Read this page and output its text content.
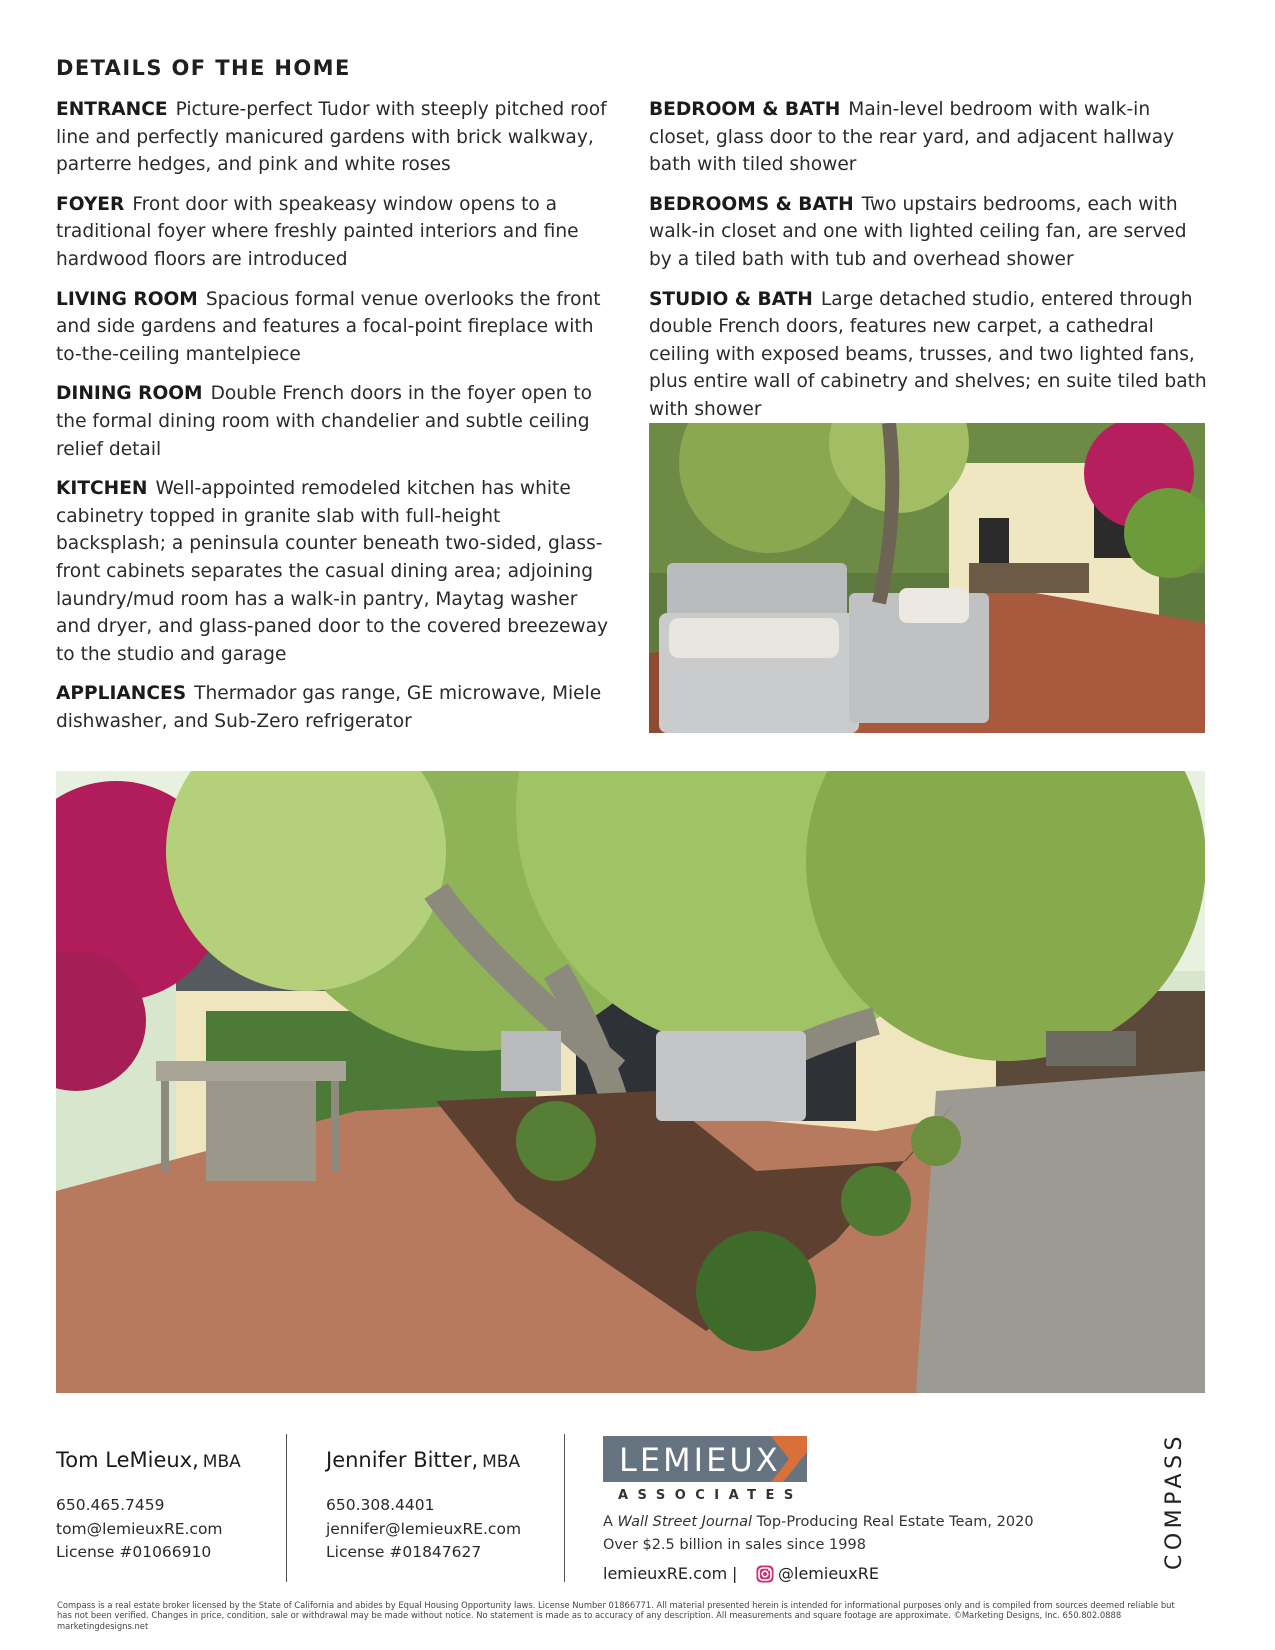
DETAILS OF THE HOME

ENTRANCE Picture-perfect Tudor with steeply pitched roof line and perfectly manicured gardens with brick walkway, parterre hedges, and pink and white roses

FOYER Front door with speakeasy window opens to a traditional foyer where freshly painted interiors and fine hardwood floors are introduced

LIVING ROOM Spacious formal venue overlooks the front and side gardens and features a focal-point fireplace with to-the-ceiling mantelpiece

DINING ROOM Double French doors in the foyer open to the formal dining room with chandelier and subtle ceiling relief detail

KITCHEN Well-appointed remodeled kitchen has white cabinetry topped in granite slab with full-height backsplash; a peninsula counter beneath two-sided, glass-front cabinets separates the casual dining area; adjoining laundry/mud room has a walk-in pantry, Maytag washer and dryer, and glass-paned door to the covered breezeway to the studio and garage

APPLIANCES Thermador gas range, GE microwave, Miele dishwasher, and Sub-Zero refrigerator

BEDROOM & BATH Main-level bedroom with walk-in closet, glass door to the rear yard, and adjacent hallway bath with tiled shower

BEDROOMS & BATH Two upstairs bedrooms, each with walk-in closet and one with lighted ceiling fan, are served by a tiled bath with tub and overhead shower

STUDIO & BATH Large detached studio, entered through double French doors, features new carpet, a cathedral ceiling with exposed beams, trusses, and two lighted fans, plus entire wall of cabinetry and shelves; en suite tiled bath with shower

Tom LeMieux, MBA
650.465.7459
tom@lemieuxRE.com
License #01066910
Jennifer Bitter, MBA
650.308.4401
jennifer@lemieuxRE.com
License #01847627
LEMIEUX
ASSOCIATES
A Wall Street Journal Top-Producing Real Estate Team, 2020
Over $2.5 billion in sales since 1998
lemieuxRE.com |	@lemieuxRE
COMPASS
Compass is a real estate broker licensed by the State of California and abides by Equal Housing Opportunity laws. License Number 01866771. All material presented herein is intended for informational purposes only and is compiled from sources deemed reliable but has not been verified. Changes in price, condition, sale or withdrawal may be made without notice. No statement is made as to accuracy of any description. All measurements and square footage are approximate. ©Marketing Designs, Inc. 650.802.0888 marketingdesigns.net
